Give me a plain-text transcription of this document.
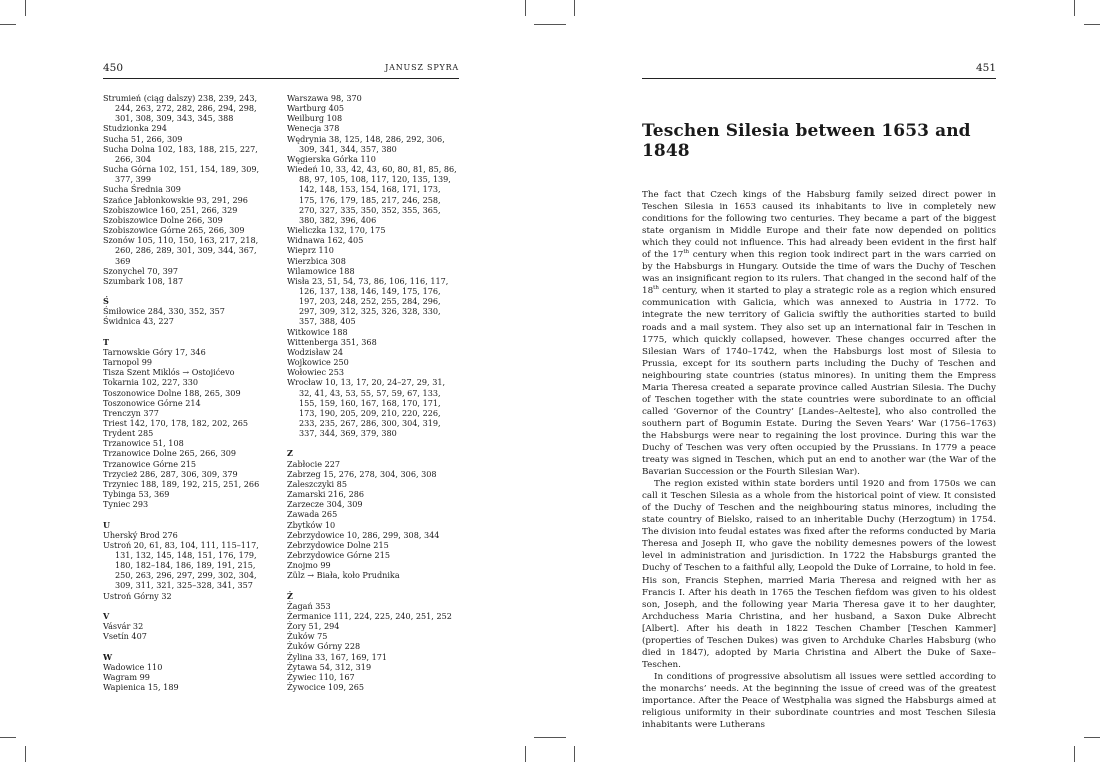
450	JANUSZ SPYRA
Strumień (ciąg dalszy) 238, 239, 243, 244, 263, 272, 282, 286, 294, 298, 301, 308, 309, 343, 345, 388
Studzionka 294
Sucha 51, 266, 309
Sucha Dolna 102, 183, 188, 215, 227, 266, 304
Sucha Górna 102, 151, 154, 189, 309, 377, 399
Sucha Średnia 309
Szańce Jabłonkowskie 93, 291, 296
Szobiszowice 160, 251, 266, 329
Szobiszowice Dolne 266, 309
Szobiszowice Górne 265, 266, 309
Szonów 105, 110, 150, 163, 217, 218, 260, 286, 289, 301, 309, 344, 367, 369
Szonychel 70, 397
Szumbark 108, 187
Ś
Śmiłowice 284, 330, 352, 357
Świdnica 43, 227
T
Tarnowskie Góry 17, 346
Tarnopol 99
Tisza Szent Miklós → Ostojićevo
Tokarnia 102, 227, 330
Toszonowice Dolne 188, 265, 309
Toszonowice Górne 214
Trenczyn 377
Triest 142, 170, 178, 182, 202, 265
Trydent 285
Trzanowice 51, 108
Trzanowice Dolne 265, 266, 309
Trzanowice Górne 215
Trzycież 286, 287, 306, 309, 379
Trzyniec 188, 189, 192, 215, 251, 266
Tybinga 53, 369
Tyniec 293
U
Uherský Brod 276
Ustroń 20, 61, 83, 104, 111, 115–117, 131, 132, 145, 148, 151, 176, 179, 180, 182–184, 186, 189, 191, 215, 250, 263, 296, 297, 299, 302, 304, 309, 311, 321, 325–328, 341, 357
Ustroń Górny 32
V
Vásvár 32
Vsetín 407
W
Wadowice 110
Wagram 99
Wapienica 15, 189
Warszawa 98, 370
Wartburg 405
Weilburg 108
Wenecja 378
Wędrynia 38, 125, 148, 286, 292, 306, 309, 341, 344, 357, 380
Węgierska Górka 110
Wiedeń 10, 33, 42, 43, 60, 80, 81, 85, 86, 88, 97, 105, 108, 117, 120, 135, 139, 142, 148, 153, 154, 168, 171, 173, 175, 176, 179, 185, 217, 246, 258, 270, 327, 335, 350, 352, 355, 365, 380, 382, 396, 406
Wieliczka 132, 170, 175
Widnawa 162, 405
Wieprz 110
Wierzbica 308
Wilamowice 188
Wisła 23, 51, 54, 73, 86, 106, 116, 117, 126, 137, 138, 146, 149, 175, 176, 197, 203, 248, 252, 255, 284, 296, 297, 309, 312, 325, 326, 328, 330, 357, 388, 405
Witkowice 188
Wittenberga 351, 368
Wodzisław 24
Wojkowice 250
Wołowiec 253
Wrocław 10, 13, 17, 20, 24–27, 29, 31, 32, 41, 43, 53, 55, 57, 59, 67, 133, 155, 159, 160, 167, 168, 170, 171, 173, 190, 205, 209, 210, 220, 226, 233, 235, 267, 286, 300, 304, 319, 337, 344, 369, 379, 380
Z
Zabłocie 227
Zabrzeg 15, 276, 278, 304, 306, 308
Zaleszczyki 85
Zamarski 216, 286
Zarzecze 304, 309
Zawada 265
Zbytków 10
Zebrzydowice 10, 286, 299, 308, 344
Zebrzydowice Dolne 215
Zebrzydowice Górne 215
Znojmo 99
Zülz → Biała, koło Prudnika
Ż
Żagań 353
Żermanice 111, 224, 225, 240, 251, 252
Żory 51, 294
Żuków 75
Żuków Górny 228
Żylina 33, 167, 169, 171
Żytawa 54, 312, 319
Żywiec 110, 167
Żywocice 109, 265
451
Teschen Silesia between 1653 and 1848

The fact that Czech kings of the Habsburg family seized direct power in Teschen Silesia in 1653 caused its inhabitants to live in completely new conditions for the following two centuries. They became a part of the biggest state organism in Middle Europe and their fate now depended on politics which they could not influence. This had already been evident in the first half of the 17th century when this region took indirect part in the wars carried on by the Habsburgs in Hungary. Outside the time of wars the Duchy of Teschen was an insignificant region to its rulers. That changed in the second half of the 18th century, when it started to play a strategic role as a region which ensured communication with Galicia, which was annexed to Austria in 1772. To integrate the new territory of Galicia swiftly the authorities started to build roads and a mail system. They also set up an international fair in Teschen in 1775, which quickly collapsed, however. These changes occurred after the Silesian Wars of 1740–1742, when the Habsburgs lost most of Silesia to Prussia, except for its southern parts including the Duchy of Teschen and neighbouring state countries (status minores). In uniting them the Empress Maria Theresa created a separate province called Austrian Silesia. The Duchy of Teschen together with the state countries were subordinate to an official called ‘Governor of the Country’ [Landes–Aelteste], who also controlled the southern part of Bogumin Estate. During the Seven Years’ War (1756–1763) the Habsburgs were near to regaining the lost province. During this war the Duchy of Teschen was very often occupied by the Prussians. In 1779 a peace treaty was signed in Teschen, which put an end to another war (the War of the Bavarian Succession or the Fourth Silesian War).

The region existed within state borders until 1920 and from 1750s we can call it Teschen Silesia as a whole from the historical point of view. It consisted of the Duchy of Teschen and the neighbouring status minores, including the state country of Bielsko, raised to an inheritable Duchy (Herzogtum) in 1754. The division into feudal estates was fixed after the reforms conducted by Maria Theresa and Joseph II, who gave the nobility demesnes powers of the lowest level in administration and jurisdiction. In 1722 the Habsburgs granted the Duchy of Teschen to a faithful ally, Leopold the Duke of Lorraine, to hold in fee. His son, Francis Stephen, married Maria Theresa and reigned with her as Francis I. After his death in 1765 the Teschen fiefdom was given to his oldest son, Joseph, and the following year Maria Theresa gave it to her daughter, Archduchess Maria Christina, and her husband, a Saxon Duke Albrecht [Albert]. After his death in 1822 Teschen Chamber [Teschen Kammer] (properties of Teschen Dukes) was given to Archduke Charles Habsburg (who died in 1847), adopted by Maria Christina and Albert the Duke of Saxe–Teschen.

In conditions of progressive absolutism all issues were settled according to the monarchs’ needs. At the beginning the issue of creed was of the greatest importance. After the Peace of Westphalia was signed the Habsburgs aimed at religious uniformity in their subordinate countries and most Teschen Silesia inhabitants were Lutherans
